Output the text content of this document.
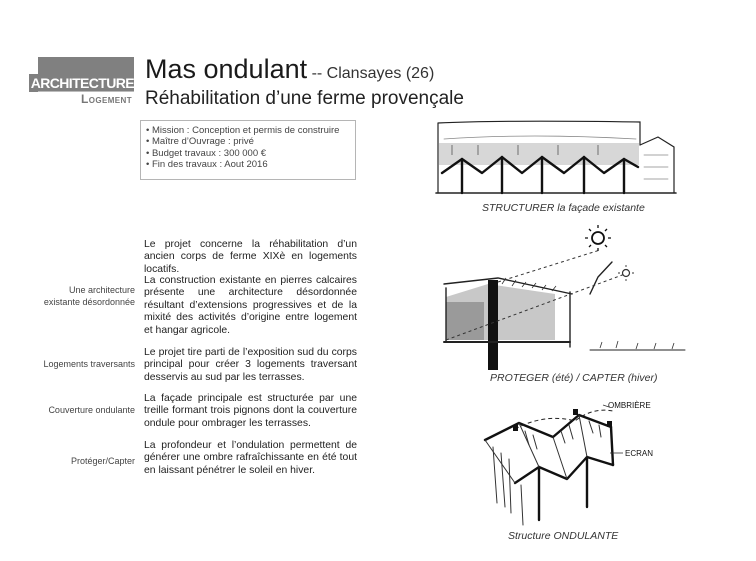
ARCHITECTURE
Logement
Mas ondulant -- Clansayes (26)
Réhabilitation d’une ferme provençale
• Mission : Conception et permis de construire
• Maître d’Ouvrage : privé
• Budget travaux : 300 000 €
• Fin des travaux : Aout 2016
Le projet concerne la réhabilitation d’un ancien corps de ferme XIXè en logements locatifs.
La construction existante en pierres calcaires présente une architecture désordonnée résultant d’extensions progressives et de la mixité des activités d’origine entre logement et hangar agricole.
Le projet tire parti de l’exposition sud du corps principal pour créer 3 logements traversant desservis au sud par les terrasses.
La façade principale est structurée par une treille formant trois pignons dont la couverture ondule pour ombrager les terrasses.
La profondeur et l’ondulation permettent de générer une ombre rafraîchissante en été tout en laissant pénétrer le soleil en hiver.
Une architecture existante désordonnée
Logements traversants
Couverture ondulante
Protéger/Capter
STRUCTURER la façade existante
PROTEGER (été) / CAPTER (hiver)
OMBRIÈRE
ECRAN
Structure ONDULANTE
